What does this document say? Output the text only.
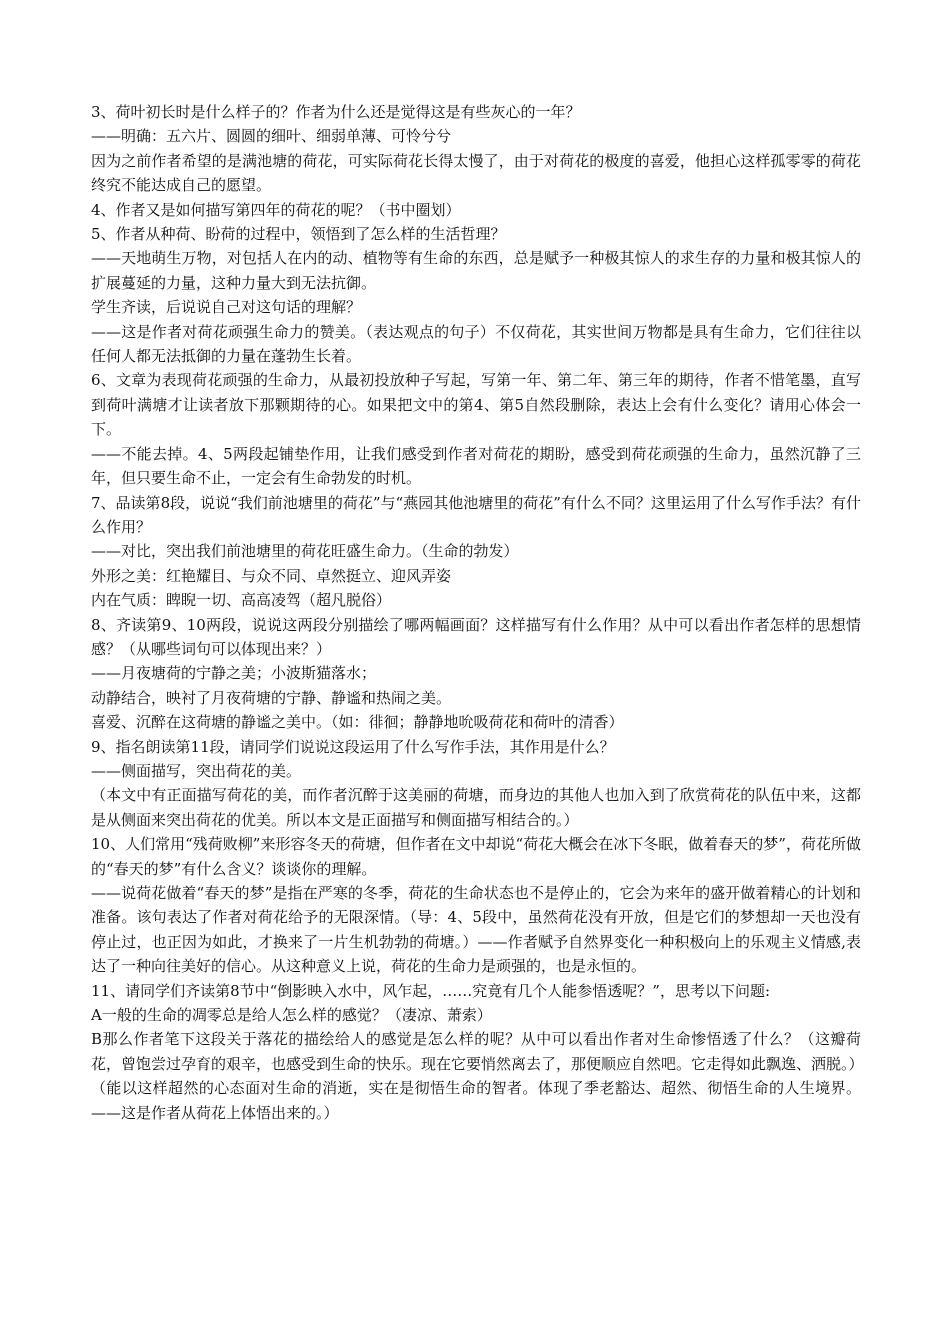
3、荷叶初长时是什么样子的？作者为什么还是觉得这是有些灰心的一年？

——明确：五六片、圆圆的细叶、细弱单薄、可怜兮兮

因为之前作者希望的是满池塘的荷花，可实际荷花长得太慢了，由于对荷花的极度的喜爱，他担心这样孤零零的荷花终究不能达成自己的愿望。

4、作者又是如何描写第四年的荷花的呢？（书中圈划）

5、作者从种荷、盼荷的过程中，领悟到了怎么样的生活哲理？

——天地萌生万物，对包括人在内的动、植物等有生命的东西，总是赋予一种极其惊人的求生存的力量和极其惊人的扩展蔓延的力量，这种力量大到无法抗御。

学生齐读，后说说自己对这句话的理解？

——这是作者对荷花顽强生命力的赞美。（表达观点的句子）不仅荷花，其实世间万物都是具有生命力，它们往往以任何人都无法抵御的力量在蓬勃生长着。

6、文章为表现荷花顽强的生命力，从最初投放种子写起，写第一年、第二年、第三年的期待，作者不惜笔墨，直写到荷叶满塘才让读者放下那颗期待的心。如果把文中的第4、第5自然段删除，表达上会有什么变化？请用心体会一下。

——不能去掉。4、5两段起铺垫作用，让我们感受到作者对荷花的期盼，感受到荷花顽强的生命力，虽然沉静了三年，但只要生命不止，一定会有生命勃发的时机。

7、品读第8段，说说“我们前池塘里的荷花”与“燕园其他池塘里的荷花”有什么不同？这里运用了什么写作手法？有什么作用？

——对比，突出我们前池塘里的荷花旺盛生命力。（生命的勃发）

外形之美：红艳耀目、与众不同、卓然挺立、迎风弄姿

内在气质：睥睨一切、高高凌驾（超凡脱俗）

8、齐读第9、10两段，说说这两段分别描绘了哪两幅画面？这样描写有什么作用？从中可以看出作者怎样的思想情感？（从哪些词句可以体现出来？）

——月夜塘荷的宁静之美；小波斯猫落水；

动静结合，映衬了月夜荷塘的宁静、静谧和热闹之美。

喜爱、沉醉在这荷塘的静谧之美中。（如：徘徊；静静地吮吸荷花和荷叶的清香）

9、指名朗读第11段，请同学们说说这段运用了什么写作手法，其作用是什么？

——侧面描写，突出荷花的美。

（本文中有正面描写荷花的美，而作者沉醉于这美丽的荷塘，而身边的其他人也加入到了欣赏荷花的队伍中来，这都是从侧面来突出荷花的优美。所以本文是正面描写和侧面描写相结合的。）

10、人们常用“残荷败柳”来形容冬天的荷塘，但作者在文中却说“荷花大概会在冰下冬眠，做着春天的梦”，荷花所做的“春天的梦”有什么含义？谈谈你的理解。

——说荷花做着“春天的梦”是指在严寒的冬季，荷花的生命状态也不是停止的，它会为来年的盛开做着精心的计划和准备。该句表达了作者对荷花给予的无限深情。（导：4、5段中，虽然荷花没有开放，但是它们的梦想却一天也没有停止过，也正因为如此，才换来了一片生机勃勃的荷塘。）——作者赋予自然界变化一种积极向上的乐观主义情感,表达了一种向往美好的信心。从这种意义上说，荷花的生命力是顽强的，也是永恒的。

11、请同学们齐读第8节中“倒影映入水中，风乍起，……究竟有几个人能参悟透呢？”，思考以下问题:

A一般的生命的凋零总是给人怎么样的感觉？（凄凉、萧索）

B那么作者笔下这段关于落花的描绘给人的感觉是怎么样的呢？从中可以看出作者对生命惨悟透了什么？（这瓣荷花，曾饱尝过孕育的艰辛，也感受到生命的快乐。现在它要悄然离去了，那便顺应自然吧。它走得如此飘逸、洒脱。）

（能以这样超然的心态面对生命的消逝，实在是彻悟生命的智者。体现了季老豁达、超然、彻悟生命的人生境界。——这是作者从荷花上体悟出来的。）
